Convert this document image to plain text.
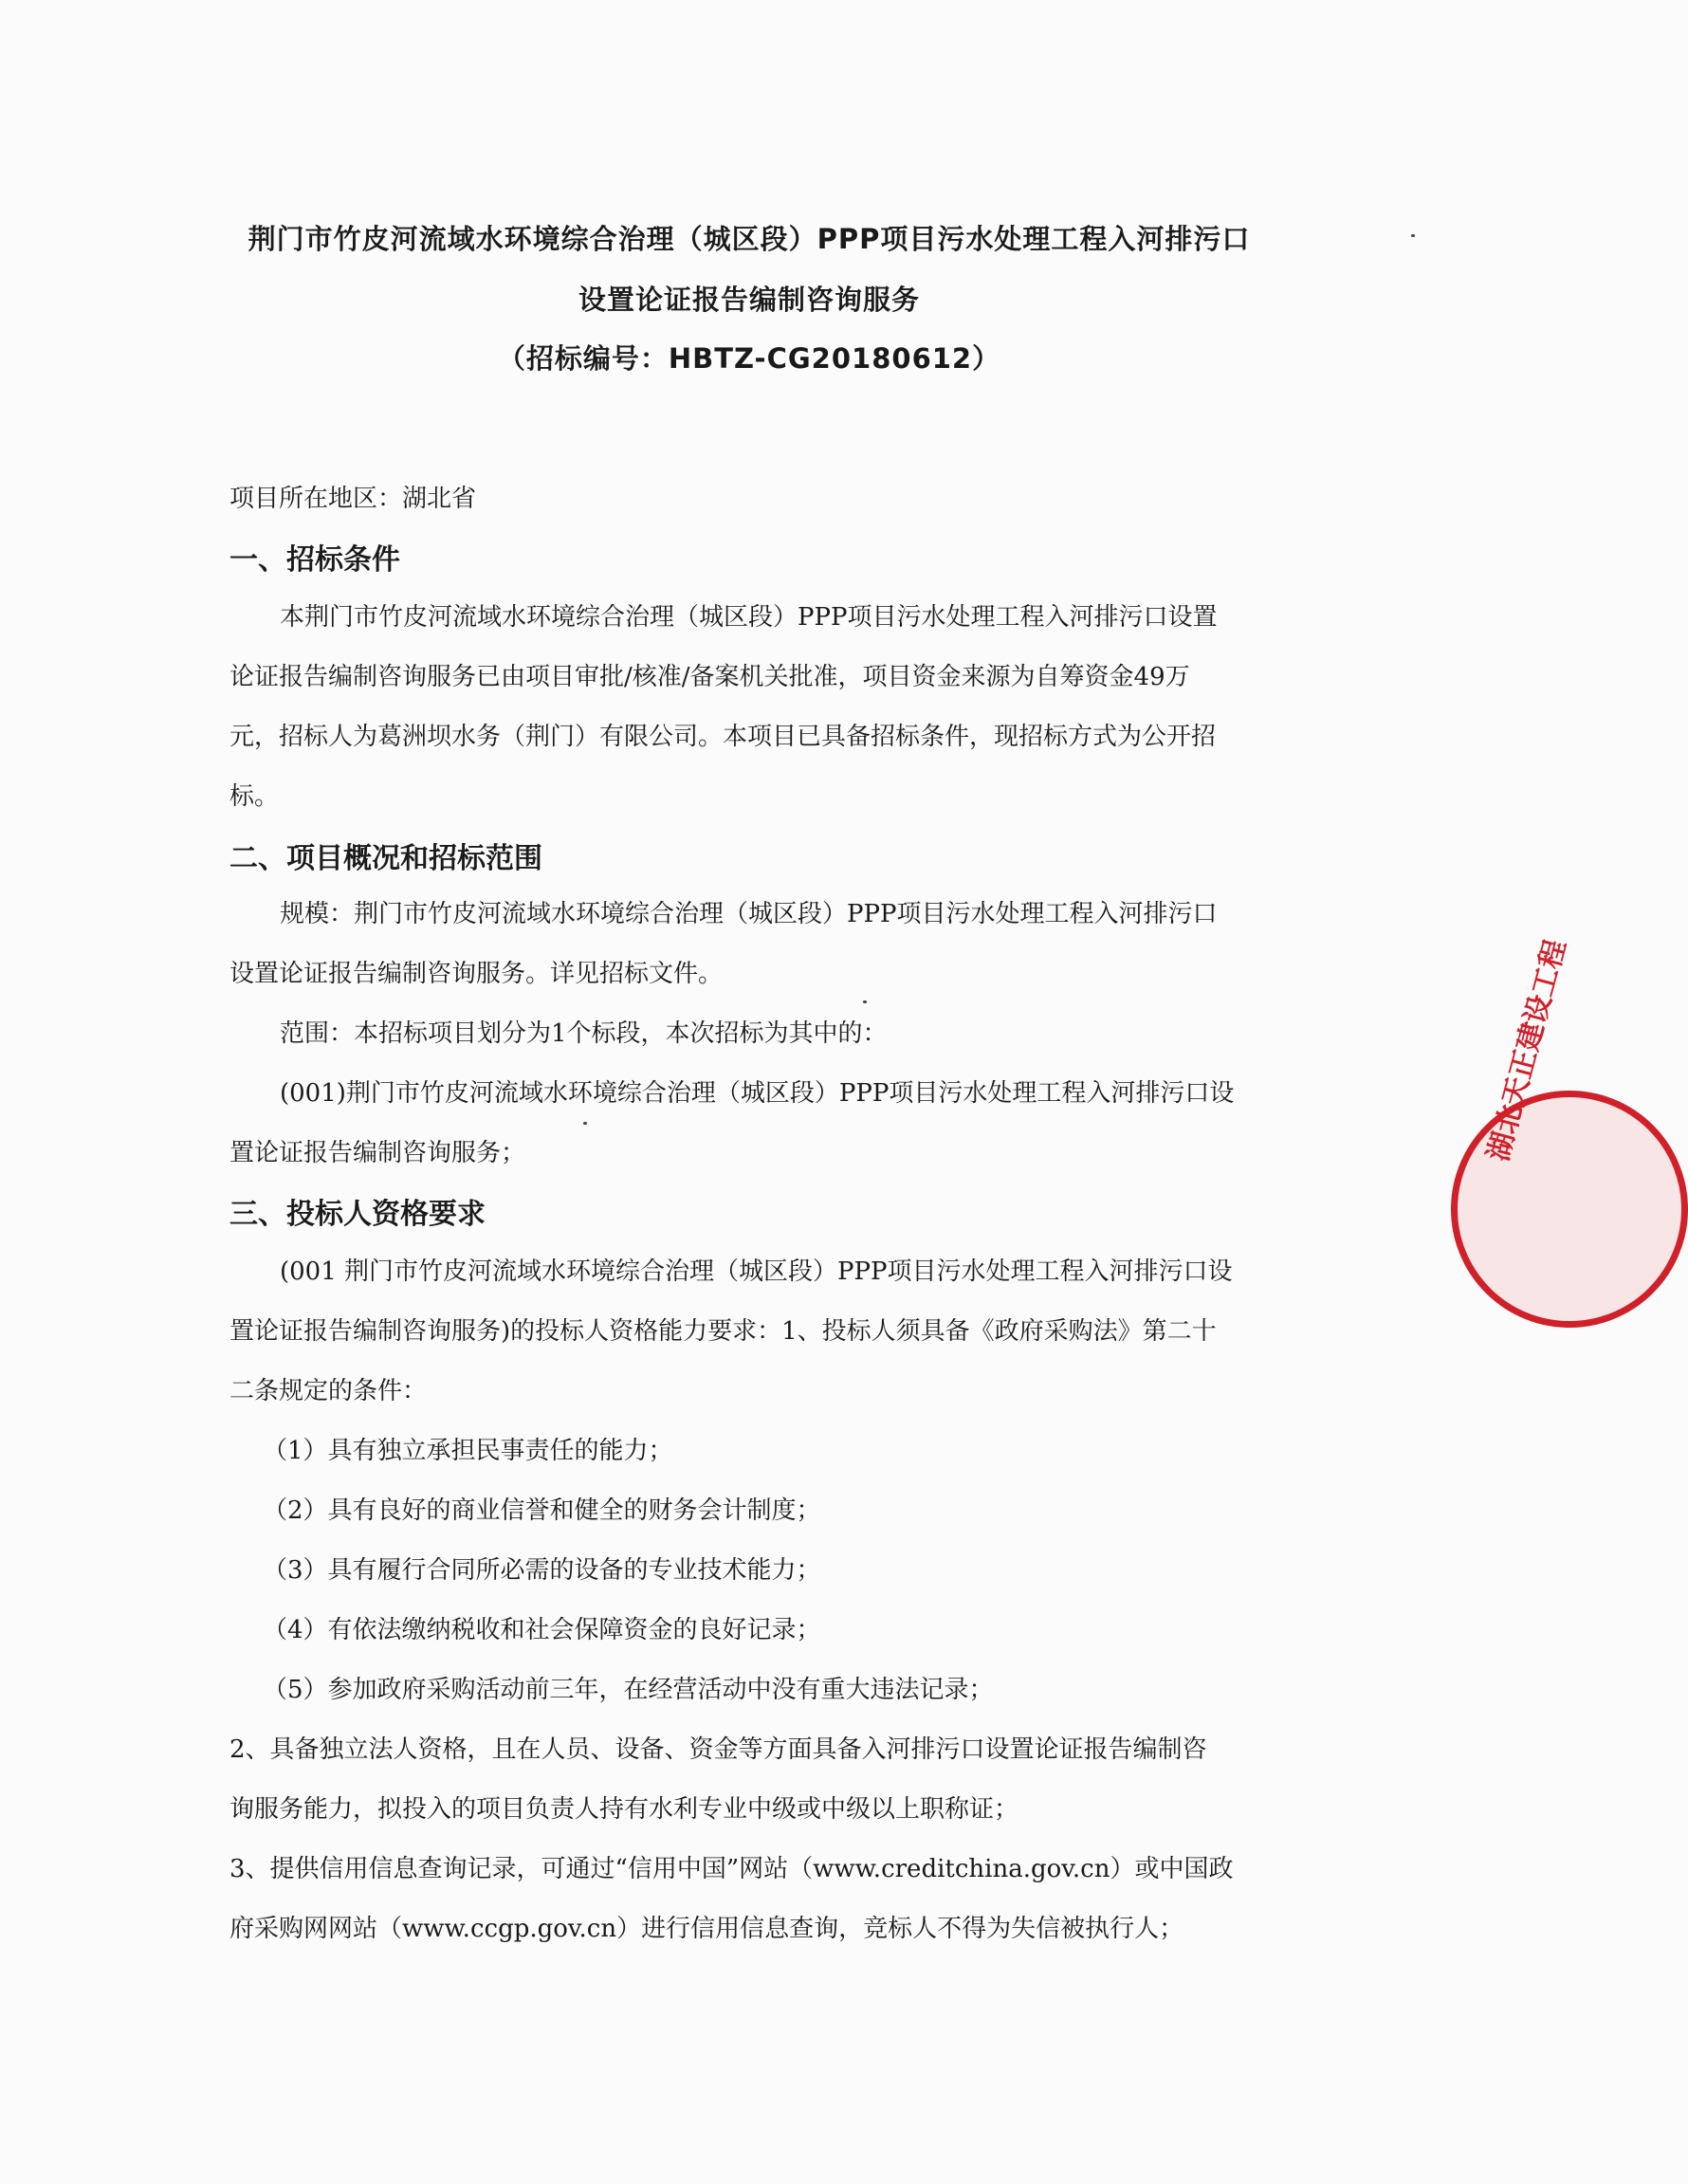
荆门市竹皮河流域水环境综合治理（城区段）PPP项目污水处理工程入河排污口
设置论证报告编制咨询服务
（招标编号：HBTZ-CG20180612）
项目所在地区：湖北省
一、招标条件
本荆门市竹皮河流域水环境综合治理（城区段）PPP项目污水处理工程入河排污口设置
论证报告编制咨询服务已由项目审批/核准/备案机关批准，项目资金来源为自筹资金49万
元，招标人为葛洲坝水务（荆门）有限公司。本项目已具备招标条件，现招标方式为公开招
标。
二、项目概况和招标范围
规模：荆门市竹皮河流域水环境综合治理（城区段）PPP项目污水处理工程入河排污口
设置论证报告编制咨询服务。详见招标文件。
范围：本招标项目划分为1个标段，本次招标为其中的：
(001)荆门市竹皮河流域水环境综合治理（城区段）PPP项目污水处理工程入河排污口设
置论证报告编制咨询服务；
三、投标人资格要求
(001 荆门市竹皮河流域水环境综合治理（城区段）PPP项目污水处理工程入河排污口设
置论证报告编制咨询服务)的投标人资格能力要求：1、投标人须具备《政府采购法》第二十
二条规定的条件：
（1）具有独立承担民事责任的能力；
（2）具有良好的商业信誉和健全的财务会计制度；
（3）具有履行合同所必需的设备的专业技术能力；
（4）有依法缴纳税收和社会保障资金的良好记录；
（5）参加政府采购活动前三年，在经营活动中没有重大违法记录；
2、具备独立法人资格，且在人员、设备、资金等方面具备入河排污口设置论证报告编制咨
询服务能力，拟投入的项目负责人持有水利专业中级或中级以上职称证；
3、提供信用信息查询记录，可通过“信用中国”网站（www.creditchina.gov.cn）或中国政
府采购网网站（www.ccgp.gov.cn）进行信用信息查询，竞标人不得为失信被执行人；
湖北天正建设工程
